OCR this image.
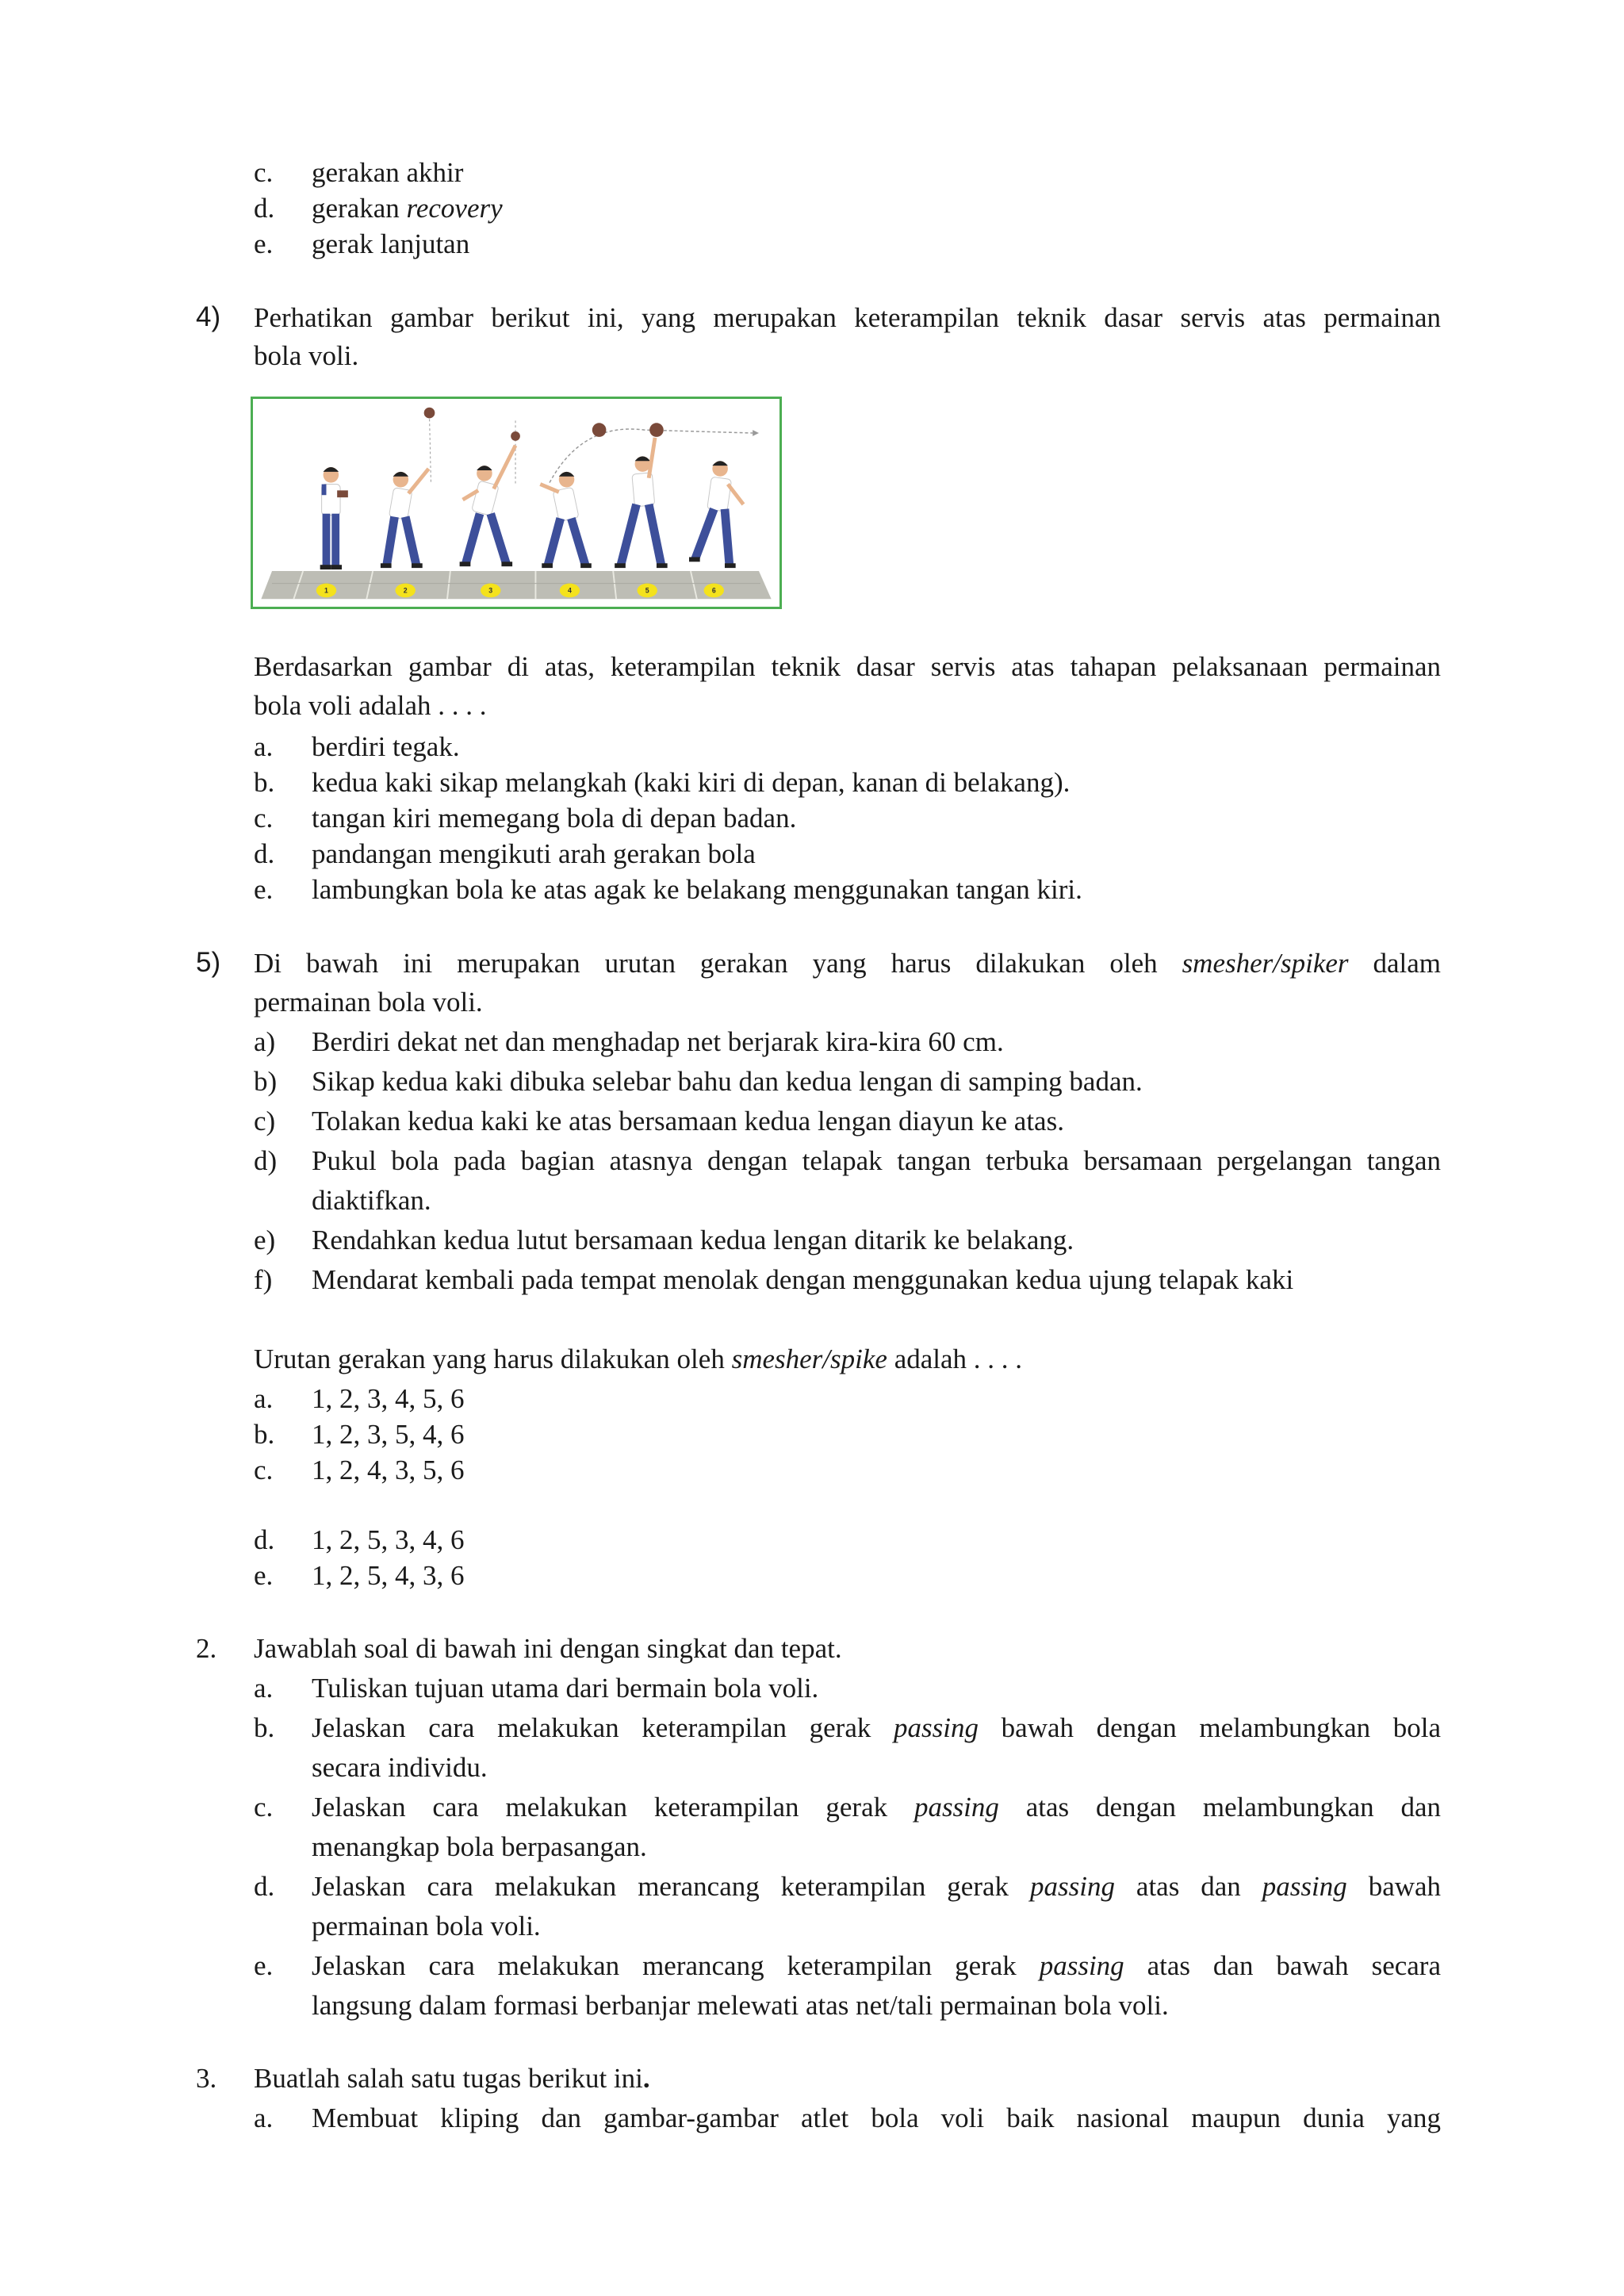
c. gerakan akhir
d. gerakan recovery
e. gerak lanjutan
4) Perhatikan gambar berikut ini, yang merupakan keterampilan teknik dasar servis atas permainan
bola voli.
1	2	3	4	5	6
Berdasarkan gambar di atas, keterampilan teknik dasar servis atas tahapan pelaksanaan permainan
bola voli adalah . . . .
a. berdiri tegak.
b. kedua kaki sikap melangkah (kaki kiri di depan, kanan di belakang).
c. tangan kiri memegang bola di depan badan.
d. pandangan mengikuti arah gerakan bola
e. lambungkan bola ke atas agak ke belakang menggunakan tangan kiri.
5) Di bawah ini merupakan urutan gerakan yang harus dilakukan oleh smesher/spiker dalam
permainan bola voli.
a) Berdiri dekat net dan menghadap net berjarak kira-kira 60 cm.
b) Sikap kedua kaki dibuka selebar bahu dan kedua lengan di samping badan.
c) Tolakan kedua kaki ke atas bersamaan kedua lengan diayun ke atas.
d) Pukul bola pada bagian atasnya dengan telapak tangan terbuka bersamaan pergelangan tangan
diaktifkan.
e) Rendahkan kedua lutut bersamaan kedua lengan ditarik ke belakang.
f) Mendarat kembali pada tempat menolak dengan menggunakan kedua ujung telapak kaki
Urutan gerakan yang harus dilakukan oleh smesher/spike adalah . . . .
a. 1, 2, 3, 4, 5, 6
b. 1, 2, 3, 5, 4, 6
c. 1, 2, 4, 3, 5, 6
d. 1, 2, 5, 3, 4, 6
e. 1, 2, 5, 4, 3, 6
2. Jawablah soal di bawah ini dengan singkat dan tepat.
a. Tuliskan tujuan utama dari bermain bola voli.
b. Jelaskan cara melakukan keterampilan gerak passing bawah dengan melambungkan bola
secara individu.
c. Jelaskan cara melakukan keterampilan gerak passing atas dengan melambungkan dan
menangkap bola berpasangan.
d. Jelaskan cara melakukan merancang keterampilan gerak passing atas dan passing bawah
permainan bola voli.
e. Jelaskan cara melakukan merancang keterampilan gerak passing atas dan bawah secara
langsung dalam formasi berbanjar melewati atas net/tali permainan bola voli.
3. Buatlah salah satu tugas berikut ini.
a. Membuat kliping dan gambar-gambar atlet bola voli baik nasional maupun dunia yang
